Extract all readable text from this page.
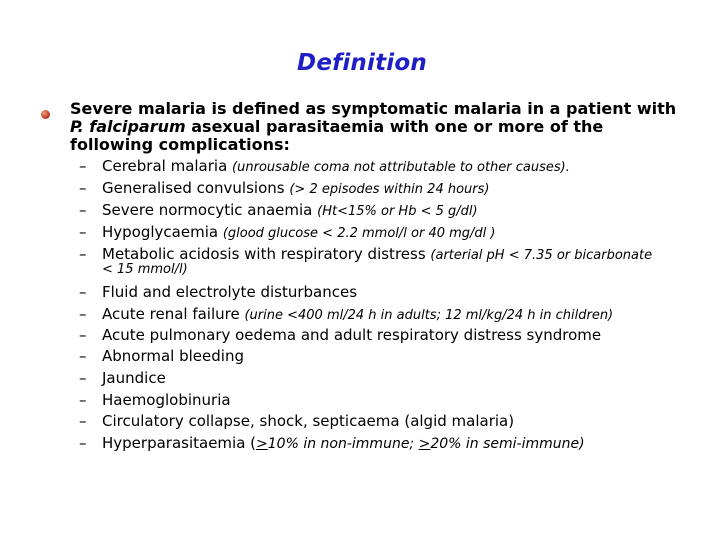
Definition

Severe malaria is defined as symptomatic malaria in a patient with
P. falciparum asexual parasitaemia with one or more of the
following complications:

– Cerebral malaria (unrousable coma not attributable to other causes).
– Generalised convulsions (> 2 episodes within 24 hours)
– Severe normocytic anaemia (Ht<15% or Hb < 5 g/dl)
– Hypoglycaemia (glood glucose < 2.2 mmol/l or 40 mg/dl )
– Metabolic acidosis with respiratory distress (arterial pH < 7.35 or bicarbonate
< 15 mmol/l)
– Fluid and electrolyte disturbances
– Acute renal failure (urine <400 ml/24 h in adults; 12 ml/kg/24 h in children)
– Acute pulmonary oedema and adult respiratory distress syndrome
– Abnormal bleeding
– Jaundice
– Haemoglobinuria
– Circulatory collapse, shock, septicaema (algid malaria)
– Hyperparasitaemia (>10% in non-immune; >20% in semi-immune)
